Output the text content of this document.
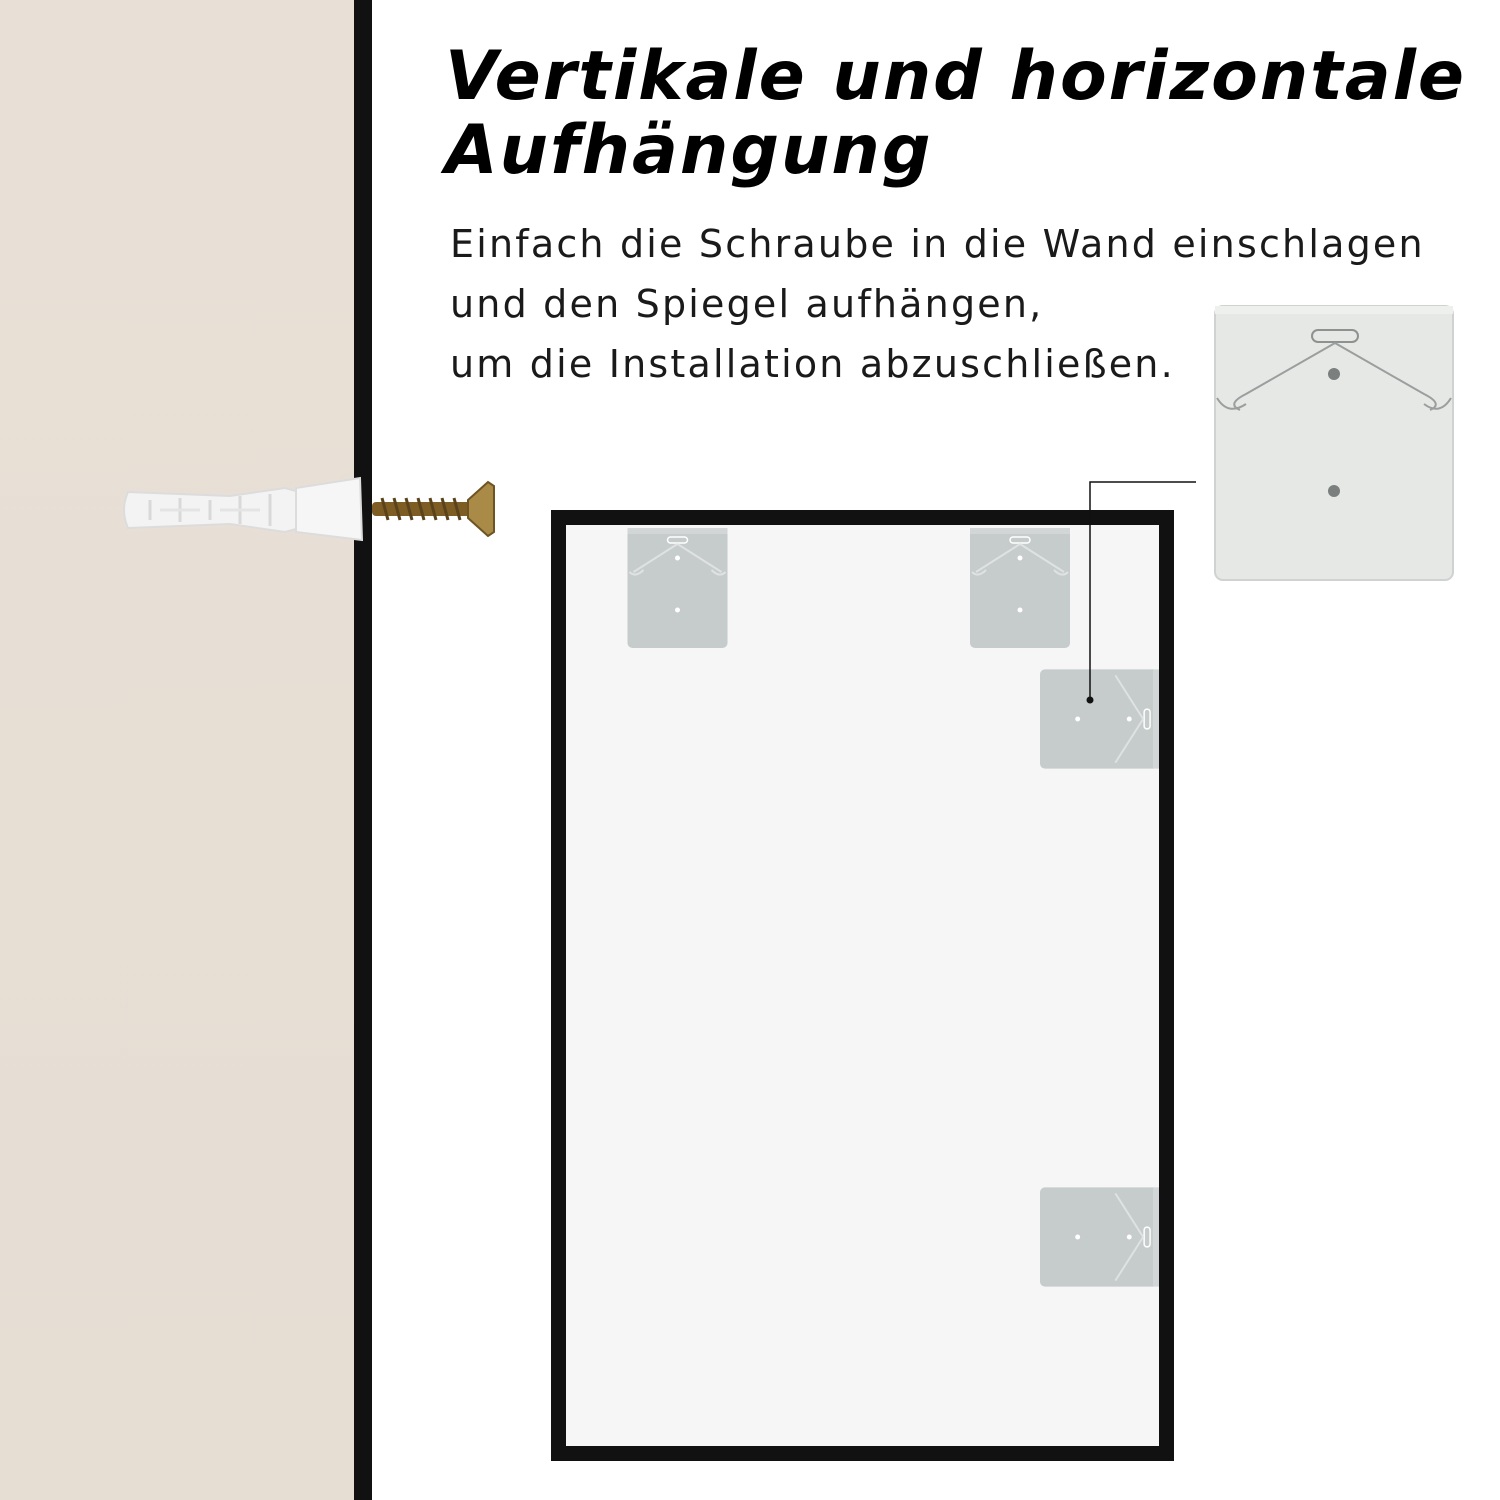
Vertikale und horizontale
Aufhängung
Einfach die Schraube in die Wand einschlagen
und den Spiegel aufhängen,
um die Installation abzuschließen.
